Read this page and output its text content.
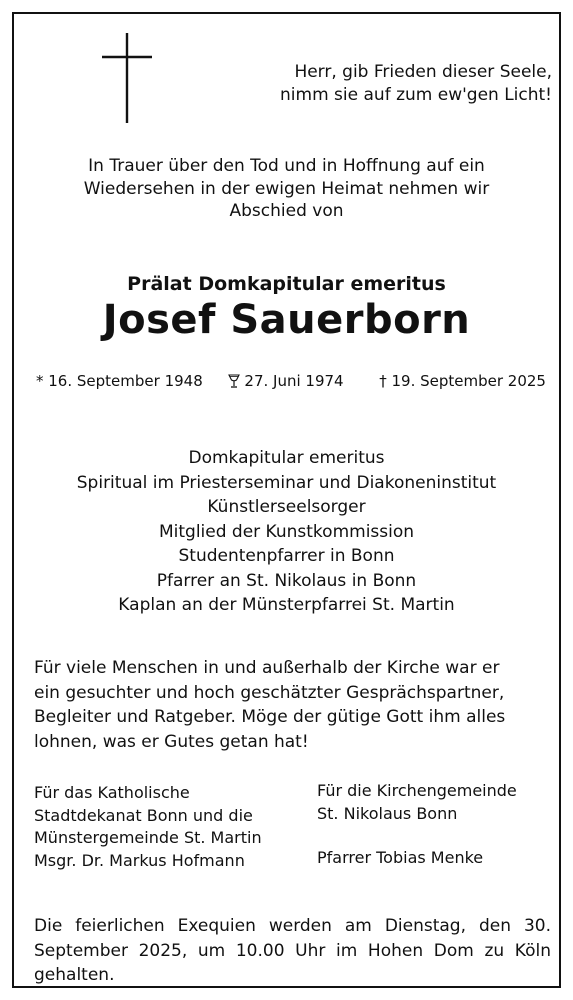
Herr, gib Frieden dieser Seele,
nimm sie auf zum ew'gen Licht!
In Trauer über den Tod und in Hoffnung auf ein
Wiedersehen in der ewigen Heimat nehmen wir
Abschied von
Prälat Domkapitular emeritus
Josef Sauerborn
* 16. September 1948	27. Juni 1974 † 19. September 2025
Domkapitular emeritus
Spiritual im Priesterseminar und Diakoneninstitut
Künstlerseelsorger
Mitglied der Kunstkommission
Studentenpfarrer in Bonn
Pfarrer an St. Nikolaus in Bonn
Kaplan an der Münsterpfarrei St. Martin
Für viele Menschen in und außerhalb der Kirche war er
ein gesuchter und hoch geschätzter Gesprächspartner,
Begleiter und Ratgeber. Möge der gütige Gott ihm alles
lohnen, was er Gutes getan hat!
Für das Katholische
Stadtdekanat Bonn und die
Münstergemeinde St. Martin
Msgr. Dr. Markus Hofmann
Für die Kirchengemeinde
St. Nikolaus Bonn
Pfarrer Tobias Menke
Die feierlichen Exequien werden am Dienstag, den 30. September 2025, um 10.00 Uhr im Hohen Dom zu Köln gehalten.
